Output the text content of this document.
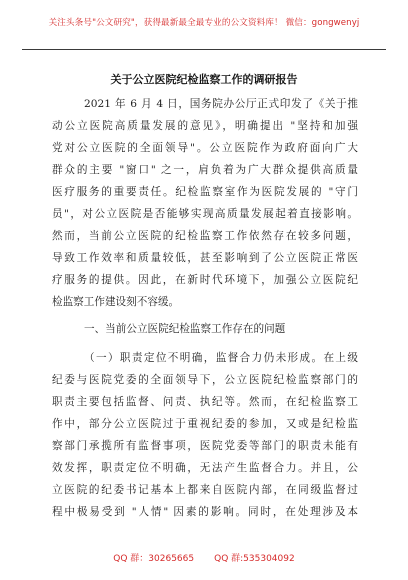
关注头条号"公文研究"，获得最新最全最专业的公文资料库！ 微信：gongwenyj
关于公立医院纪检监察工作的调研报告
2021 年 6 月 4 日，国务院办公厅正式印发了《关于推
动公立医院高质量发展的意见》，明确提出 "坚持和加强
党对公立医院的全面领导"。公立医院作为政府面向广大
群众的主要 "窗口" 之一，肩负着为广大群众提供高质量
医疗服务的重要责任。纪检监察室作为医院发展的 "守门
员"，对公立医院是否能够实现高质量发展起着直接影响。
然而，当前公立医院的纪检监察工作依然存在较多问题，
导致工作效率和质量较低，甚至影响到了公立医院正常医
疗服务的提供。因此，在新时代环境下，加强公立医院纪
检监察工作建设刻不容缓。
一、当前公立医院纪检监察工作存在的问题
（一）职责定位不明确，监督合力仍未形成。在上级
纪委与医院党委的全面领导下，公立医院纪检监察部门的
职责主要包括监督、问责、执纪等。然而，在纪检监察工
作中，部分公立医院过于重视纪委的参加，又或是纪检监
察部门承揽所有监督事项，医院党委等部门的职责未能有
效发挥，职责定位不明确，无法产生监督合力。并且，公
立医院的纪委书记基本上都来自医院内部，在同级监督过
程中极易受到 "人情" 因素的影响。同时，在处理涉及本
QQ 群：30265665 QQ 群:535304092
